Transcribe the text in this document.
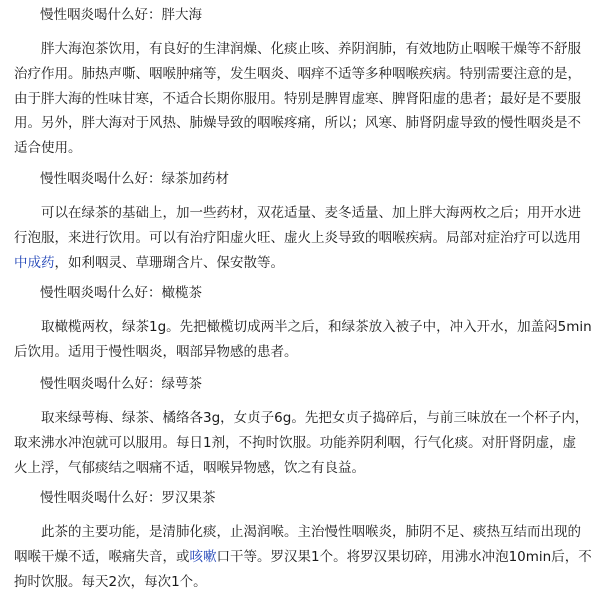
慢性咽炎喝什么好：胖大海
胖大海泡茶饮用，有良好的生津润燥、化痰止咳、养阴润肺，有效地防止咽喉干燥等不舒服
治疗作用。肺热声嘶、咽喉肿痛等，发生咽炎、咽痒不适等多种咽喉疾病。特别需要注意的是，
由于胖大海的性味甘寒，不适合长期你服用。特别是脾胃虚寒、脾肾阳虚的患者；最好是不要服
用。另外，胖大海对于风热、肺燥导致的咽喉疼痛，所以；风寒、肺肾阴虚导致的慢性咽炎是不
适合使用。
慢性咽炎喝什么好：绿茶加药材
可以在绿茶的基础上，加一些药材，双花适量、麦冬适量、加上胖大海两枚之后；用开水进
行泡服，来进行饮用。可以有治疗阳虚火旺、虚火上炎导致的咽喉疾病。局部对症治疗可以选用
中成药，如利咽灵、草珊瑚含片、保安散等。
慢性咽炎喝什么好：橄榄茶
取橄榄两枚，绿茶1g。先把橄榄切成两半之后，和绿茶放入被子中，冲入开水，加盖闷5min
后饮用。适用于慢性咽炎，咽部异物感的患者。
慢性咽炎喝什么好：绿萼茶
取来绿萼梅、绿茶、橘络各3g，女贞子6g。先把女贞子捣碎后，与前三味放在一个杯子内，
取来沸水冲泡就可以服用。每日1剂，不拘时饮服。功能养阴利咽，行气化痰。对肝肾阴虚，虚
火上浮，气郁痰结之咽痛不适，咽喉异物感，饮之有良益。
慢性咽炎喝什么好：罗汉果茶
此茶的主要功能，是清肺化痰，止渴润喉。主治慢性咽喉炎，肺阴不足、痰热互结而出现的
咽喉干燥不适，喉痛失音，或咳嗽口干等。罗汉果1个。将罗汉果切碎，用沸水冲泡10min后，不
拘时饮服。每天2次，每次1个。
